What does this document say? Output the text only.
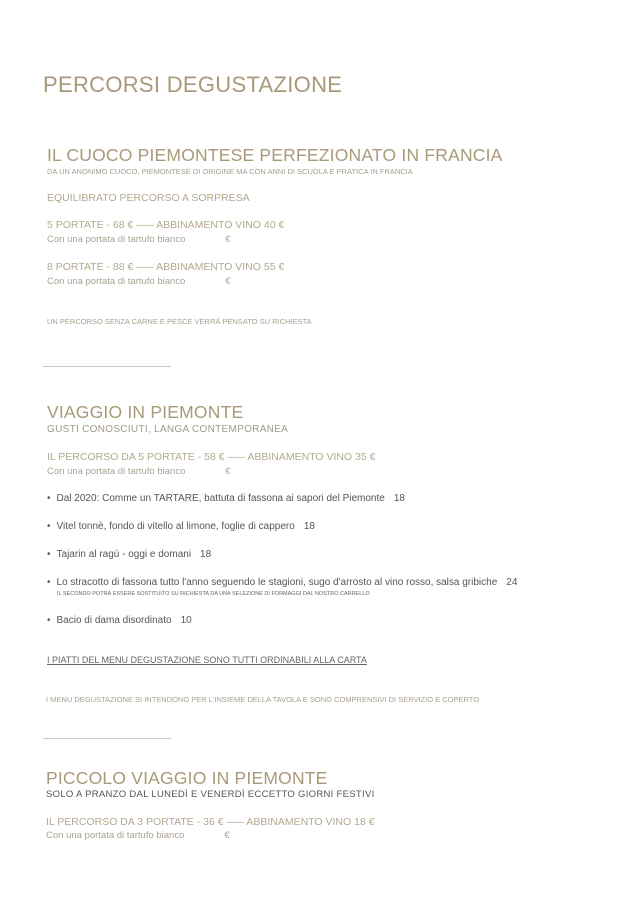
PERCORSI DEGUSTAZIONE
IL CUOCO PIEMONTESE PERFEZIONATO IN FRANCIA
DA UN ANONIMO CUOCO, PIEMONTESE DI ORIGINE MA CON ANNI DI SCUOLA E PRATICA IN FRANCIA
EQUILIBRATO PERCORSO A SORPRESA
5 PORTATE - 68 € ––– ABBINAMENTO VINO 40 €
Con una portata di tartufo bianco	€
8 PORTATE - 88 € ––– ABBINAMENTO VINO 55 €
Con una portata di tartufo bianco	€
UN PERCORSO SENZA CARNE E PESCE VERRÁ PENSATO SU RICHIESTA
VIAGGIO IN PIEMONTE
GUSTI CONOSCIUTI, LANGA CONTEMPORANEA
IL PERCORSO DA 5 PORTATE - 58 € ––– ABBINAMENTO VINO 35 €
Con una portata di tartufo bianco	€
• Dal 2020: Comme un TARTARE, battuta di fassona ai sapori del Piemonte 18
• Vitel tonnè, fondo di vitello al limone, foglie di cappero 18
• Tajarin al ragù - oggi e domani 18
• Lo stracotto di fassona tutto l'anno seguendo le stagioni, sugo d'arrosto al vino rosso, salsa gribiche 24
IL SECONDO POTRÀ ESSERE SOSTITUITO SU RICHIESTA DA UNA SELEZIONE DI FORMAGGI DAL NOSTRO CARRELLO
• Bacio di dama disordinato 10
I PIATTI DEL MENU DEGUSTAZIONE SONO TUTTI ORDINABILI ALLA CARTA
I MENU DEGUSTAZIONE SI INTENDONO PER L'INSIEME DELLA TAVOLA E SONO COMPRENSIVI DI SERVIZIO E COPERTO
PICCOLO VIAGGIO IN PIEMONTE
SOLO A PRANZO DAL LUNEDÌ E VENERDÌ ECCETTO GIORNI FESTIVI
IL PERCORSO DA 3 PORTATE - 36 € ––– ABBINAMENTO VINO 18 €
Con una portata di tartufo bianco	€
